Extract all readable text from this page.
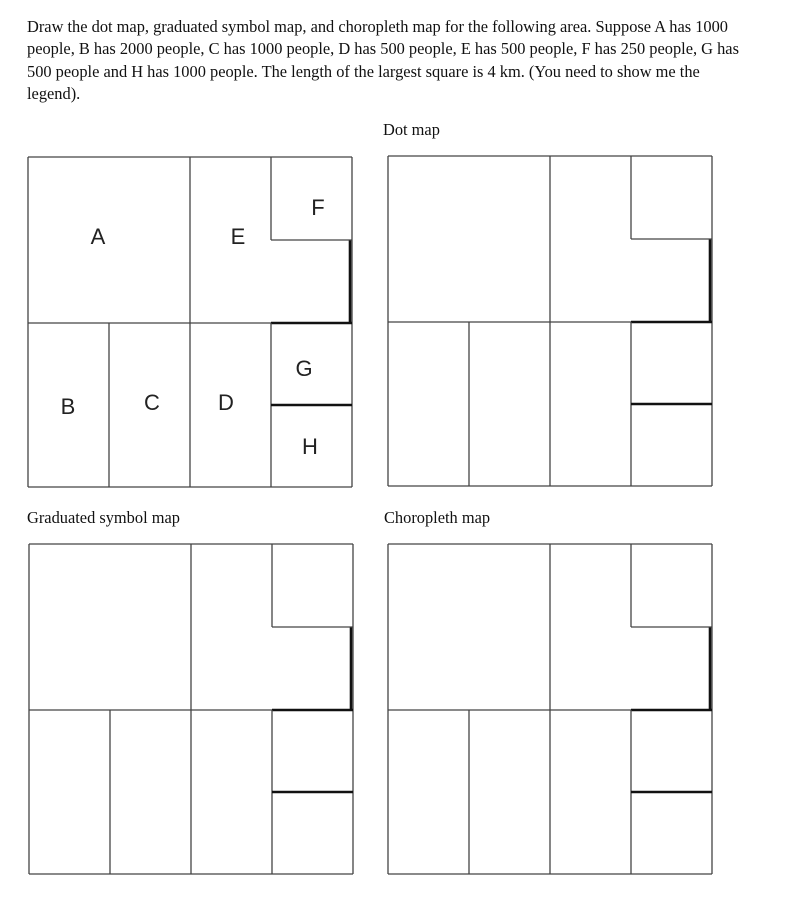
Draw the dot map, graduated symbol map, and choropleth map for the following area. Suppose A has 1000 people, B has 2000 people, C has 1000 people, D has 500 people, E has 500 people, F has 250 people, G has 500 people and H has 1000 people. The length of the largest square is 4 km. (You need to show me the legend).

Dot map
Graduated symbol map	Choropleth map
A	E
F
B	C	D
G
H
